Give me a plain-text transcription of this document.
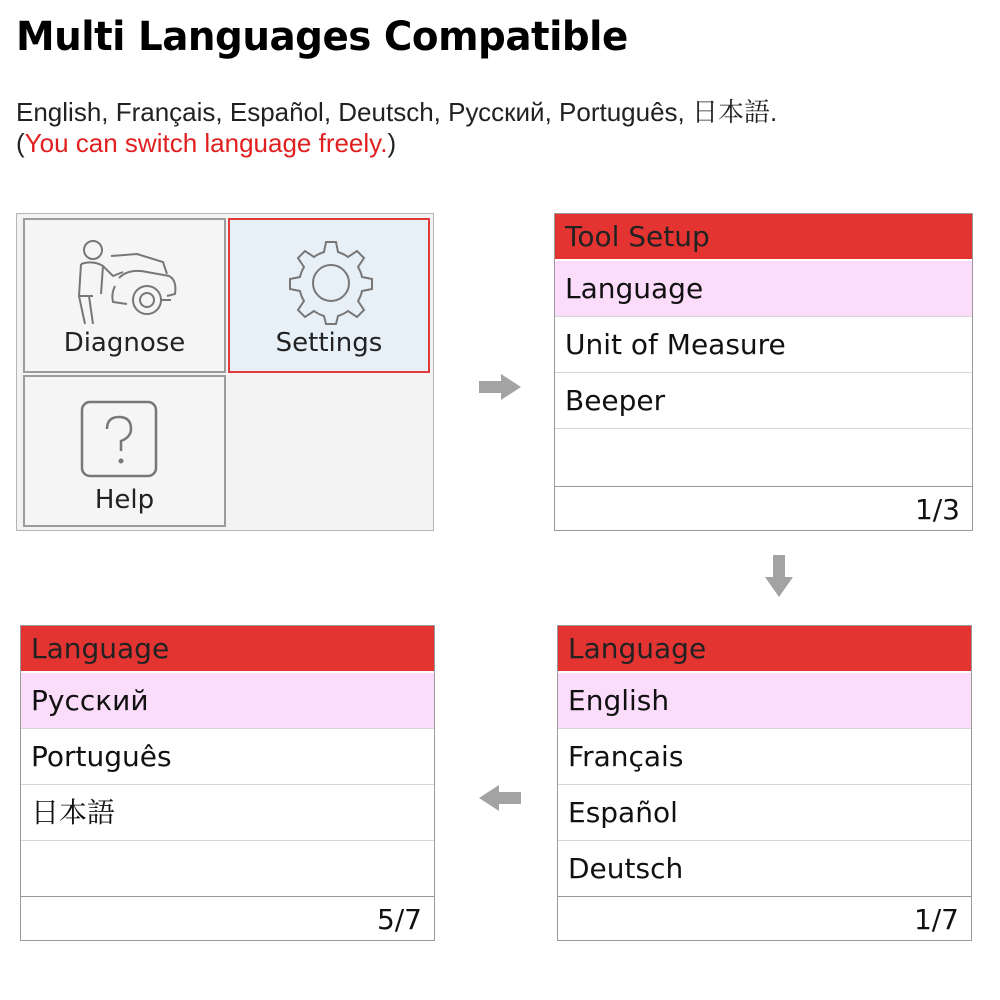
Multi Languages Compatible
English, Français, Español, Deutsch, Русский, Português, 日本語.
(You can switch language freely.)
Diagnose	Settings
Help
Tool Setup
Language
Unit of Measure
Beeper
1/3
Language
English
Français
Español
Deutsch
1/7
Language
Русский
Português
日本語
5/7
